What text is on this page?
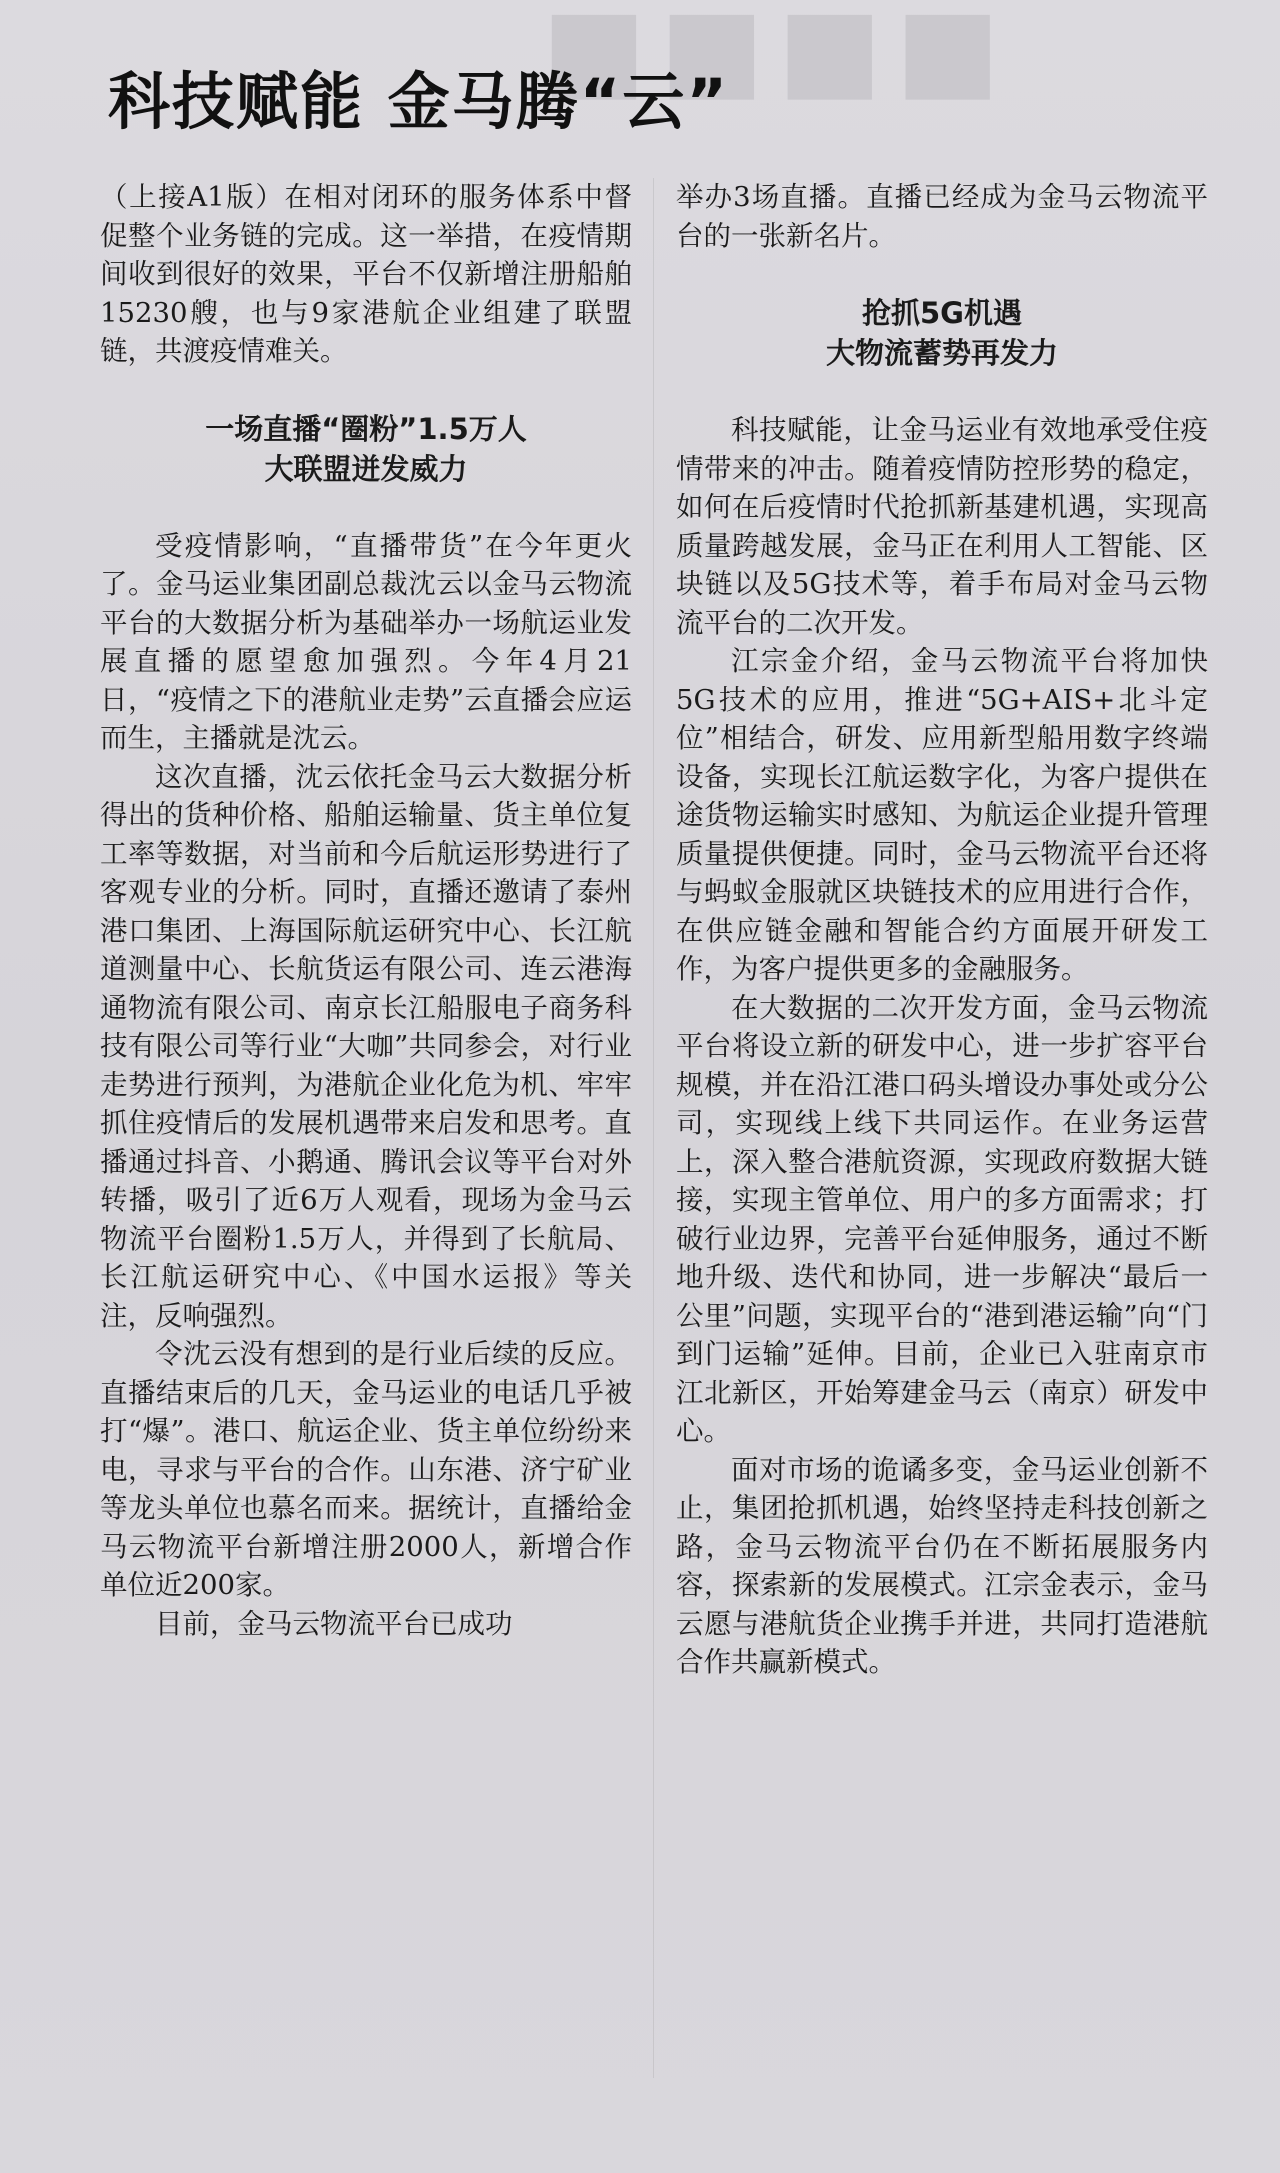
◼◼◼◼
科技赋能 金马腾“云”

（上接A1版）在相对闭环的服务体系中督促整个业务链的完成。这一举措，在疫情期间收到很好的效果，平台不仅新增注册船舶15230艘，也与9家港航企业组建了联盟链，共渡疫情难关。

一场直播“圈粉”1.5万人
大联盟迸发威力

受疫情影响，“直播带货”在今年更火了。金马运业集团副总裁沈云以金马云物流平台的大数据分析为基础举办一场航运业发展直播的愿望愈加强烈。今年4月21日，“疫情之下的港航业走势”云直播会应运而生，主播就是沈云。

这次直播，沈云依托金马云大数据分析得出的货种价格、船舶运输量、货主单位复工率等数据，对当前和今后航运形势进行了客观专业的分析。同时，直播还邀请了泰州港口集团、上海国际航运研究中心、长江航道测量中心、长航货运有限公司、连云港海通物流有限公司、南京长江船服电子商务科技有限公司等行业“大咖”共同参会，对行业走势进行预判，为港航企业化危为机、牢牢抓住疫情后的发展机遇带来启发和思考。直播通过抖音、小鹅通、腾讯会议等平台对外转播，吸引了近6万人观看，现场为金马云物流平台圈粉1.5万人，并得到了长航局、长江航运研究中心、《中国水运报》等关注，反响强烈。

令沈云没有想到的是行业后续的反应。直播结束后的几天，金马运业的电话几乎被打“爆”。港口、航运企业、货主单位纷纷来电，寻求与平台的合作。山东港、济宁矿业等龙头单位也慕名而来。据统计，直播给金马云物流平台新增注册2000人，新增合作单位近200家。

目前，金马云物流平台已成功

举办3场直播。直播已经成为金马云物流平台的一张新名片。

抢抓5G机遇
大物流蓄势再发力

科技赋能，让金马运业有效地承受住疫情带来的冲击。随着疫情防控形势的稳定，如何在后疫情时代抢抓新基建机遇，实现高质量跨越发展，金马正在利用人工智能、区块链以及5G技术等，着手布局对金马云物流平台的二次开发。

江宗金介绍，金马云物流平台将加快5G技术的应用，推进“5G+AIS+北斗定位”相结合，研发、应用新型船用数字终端设备，实现长江航运数字化，为客户提供在途货物运输实时感知、为航运企业提升管理质量提供便捷。同时，金马云物流平台还将与蚂蚁金服就区块链技术的应用进行合作，在供应链金融和智能合约方面展开研发工作，为客户提供更多的金融服务。

在大数据的二次开发方面，金马云物流平台将设立新的研发中心，进一步扩容平台规模，并在沿江港口码头增设办事处或分公司，实现线上线下共同运作。在业务运营上，深入整合港航资源，实现政府数据大链接，实现主管单位、用户的多方面需求；打破行业边界，完善平台延伸服务，通过不断地升级、迭代和协同，进一步解决“最后一公里”问题，实现平台的“港到港运输”向“门到门运输”延伸。目前，企业已入驻南京市江北新区，开始筹建金马云（南京）研发中心。

面对市场的诡谲多变，金马运业创新不止，集团抢抓机遇，始终坚持走科技创新之路，金马云物流平台仍在不断拓展服务内容，探索新的发展模式。江宗金表示，金马云愿与港航货企业携手并进，共同打造港航合作共赢新模式。
